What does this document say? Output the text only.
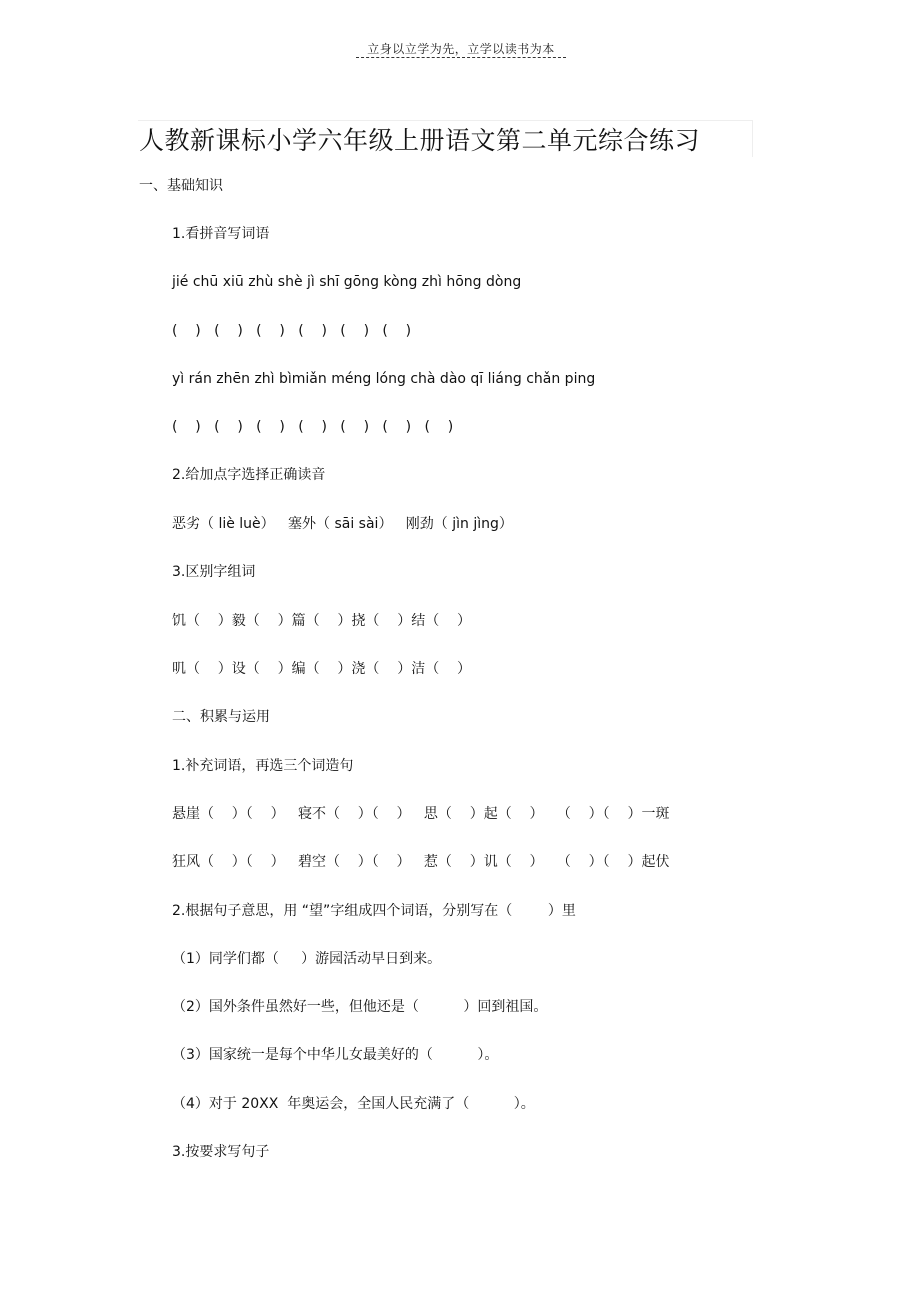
立身以立学为先，立学以读书为本
人教新课标小学六年级上册语文第二单元综合练习
一、基础知识
1.看拼音写词语
jié chū xiū zhù shè jì shī gōng kòng zhì hōng dòng
(    )   (    )   (    )   (    )   (    )   (    )
yì rán zhēn zhì bìmiǎn méng lóng chà dào qī liáng chǎn ping
(    )   (    )   (    )   (    )   (    )   (    )   (    )
2.给加点字选择正确读音
恶劣（ liè luè）   塞外（ sāi sài）   刚劲（ jìn jìng）
3.区别字组词
饥（    ）毅（    ）篇（    ）挠（    ）结（    ）
叽（    ）设（    ）编（    ）浇（    ）洁（    ）
二、积累与运用
1.补充词语，再选三个词造句
悬崖（    ）（    ）   寝不（    ）（    ）   思（    ）起（    ）   （    ）（    ）一斑
狂风（    ）（    ）   碧空（    ）（    ）   惹（    ）讥（    ）   （    ）（    ）起伏
2.根据句子意思，用 “望”字组成四个词语，分别写在（        ）里
（1）同学们都（     ）游园活动早日到来。
（2）国外条件虽然好一些，但他还是（          ）回到祖国。
（3）国家统一是每个中华儿女最美好的（          ）。
（4）对于 20XX  年奥运会，全国人民充满了（          ）。
3.按要求写句子
